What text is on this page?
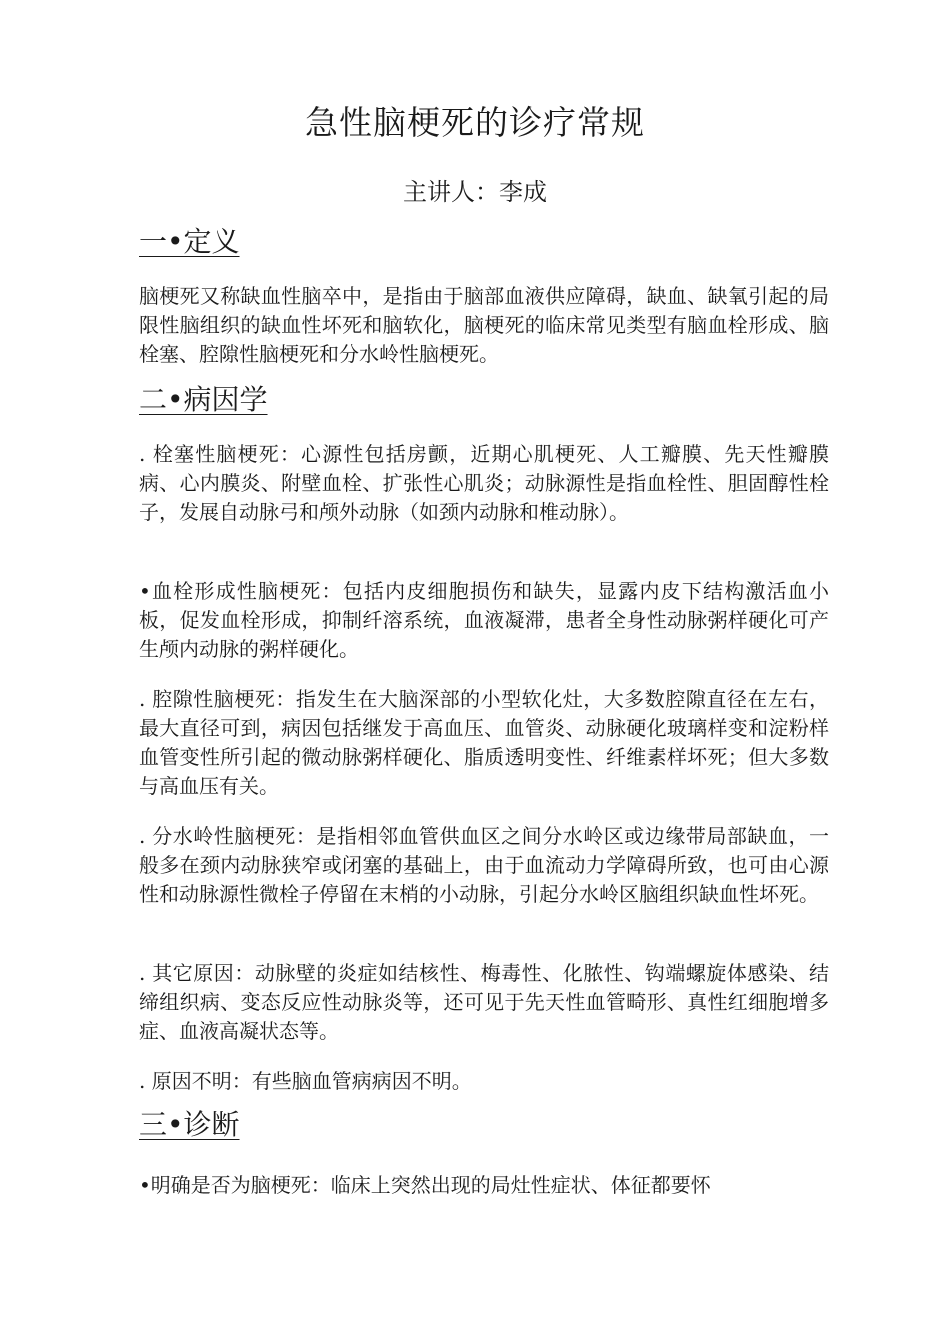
急性脑梗死的诊疗常规
主讲人：李成
一•定义

脑梗死又称缺血性脑卒中，是指由于脑部血液供应障碍，缺血、缺氧引起的局限性脑组织的缺血性坏死和脑软化，脑梗死的临床常见类型有脑血栓形成、脑栓塞、腔隙性脑梗死和分水岭性脑梗死。

二•病因学

. 栓塞性脑梗死：心源性包括房颤，近期心肌梗死、人工瓣膜、先天性瓣膜病、心内膜炎、附壁血栓、扩张性心肌炎；动脉源性是指血栓性、胆固醇性栓子，发展自动脉弓和颅外动脉（如颈内动脉和椎动脉）。

•血栓形成性脑梗死：包括内皮细胞损伤和缺失，显露内皮下结构激活血小板，促发血栓形成，抑制纤溶系统，血液凝滞，患者全身性动脉粥样硬化可产生颅内动脉的粥样硬化。

. 腔隙性脑梗死：指发生在大脑深部的小型软化灶，大多数腔隙直径在左右，最大直径可到，病因包括继发于高血压、血管炎、动脉硬化玻璃样变和淀粉样血管变性所引起的微动脉粥样硬化、脂质透明变性、纤维素样坏死；但大多数与高血压有关。

. 分水岭性脑梗死：是指相邻血管供血区之间分水岭区或边缘带局部缺血，一般多在颈内动脉狭窄或闭塞的基础上，由于血流动力学障碍所致，也可由心源性和动脉源性微栓子停留在末梢的小动脉，引起分水岭区脑组织缺血性坏死。

. 其它原因：动脉壁的炎症如结核性、梅毒性、化脓性、钩端螺旋体感染、结缔组织病、变态反应性动脉炎等，还可见于先天性血管畸形、真性红细胞增多症、血液高凝状态等。

. 原因不明：有些脑血管病病因不明。

三•诊断

•明确是否为脑梗死：临床上突然出现的局灶性症状、体征都要怀
